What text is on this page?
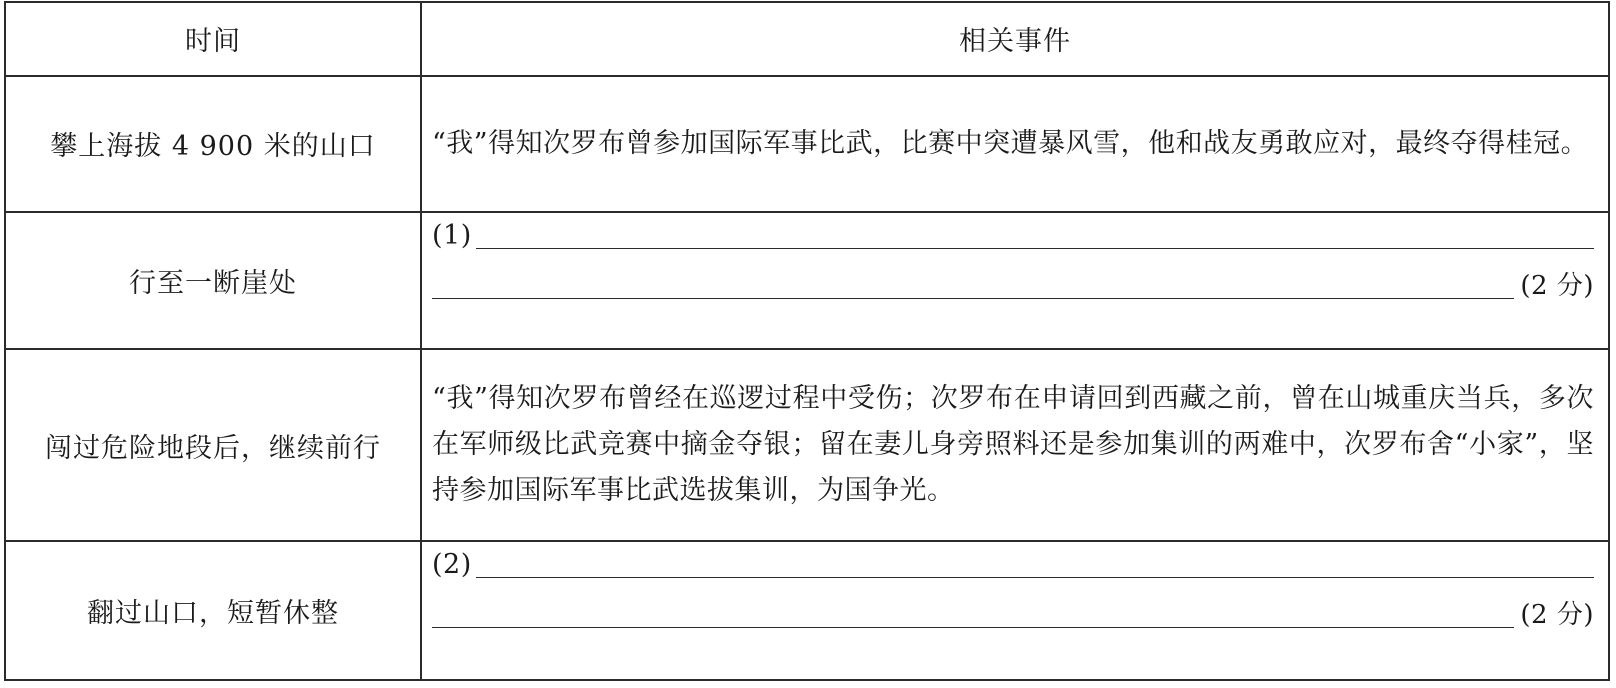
时间	相关事件
攀上海拔 4 900 米的山口	“我”得知次罗布曾参加国际军事比武，比赛中突遭暴风雪，他和战友勇敢应对，最终夺得桂冠。
行至一断崖处	(1)
(2 分)

闯过危险地段后，继续前行	“我”得知次罗布曾经在巡逻过程中受伤；次罗布在申请回到西藏之前，曾在山城重庆当兵，多次在军师级比武竞赛中摘金夺银；留在妻儿身旁照料还是参加集训的两难中，次罗布舍“小家”，坚持参加国际军事比武选拔集训，为国争光。
翻过山口，短暂休整	(2)
(2 分)
